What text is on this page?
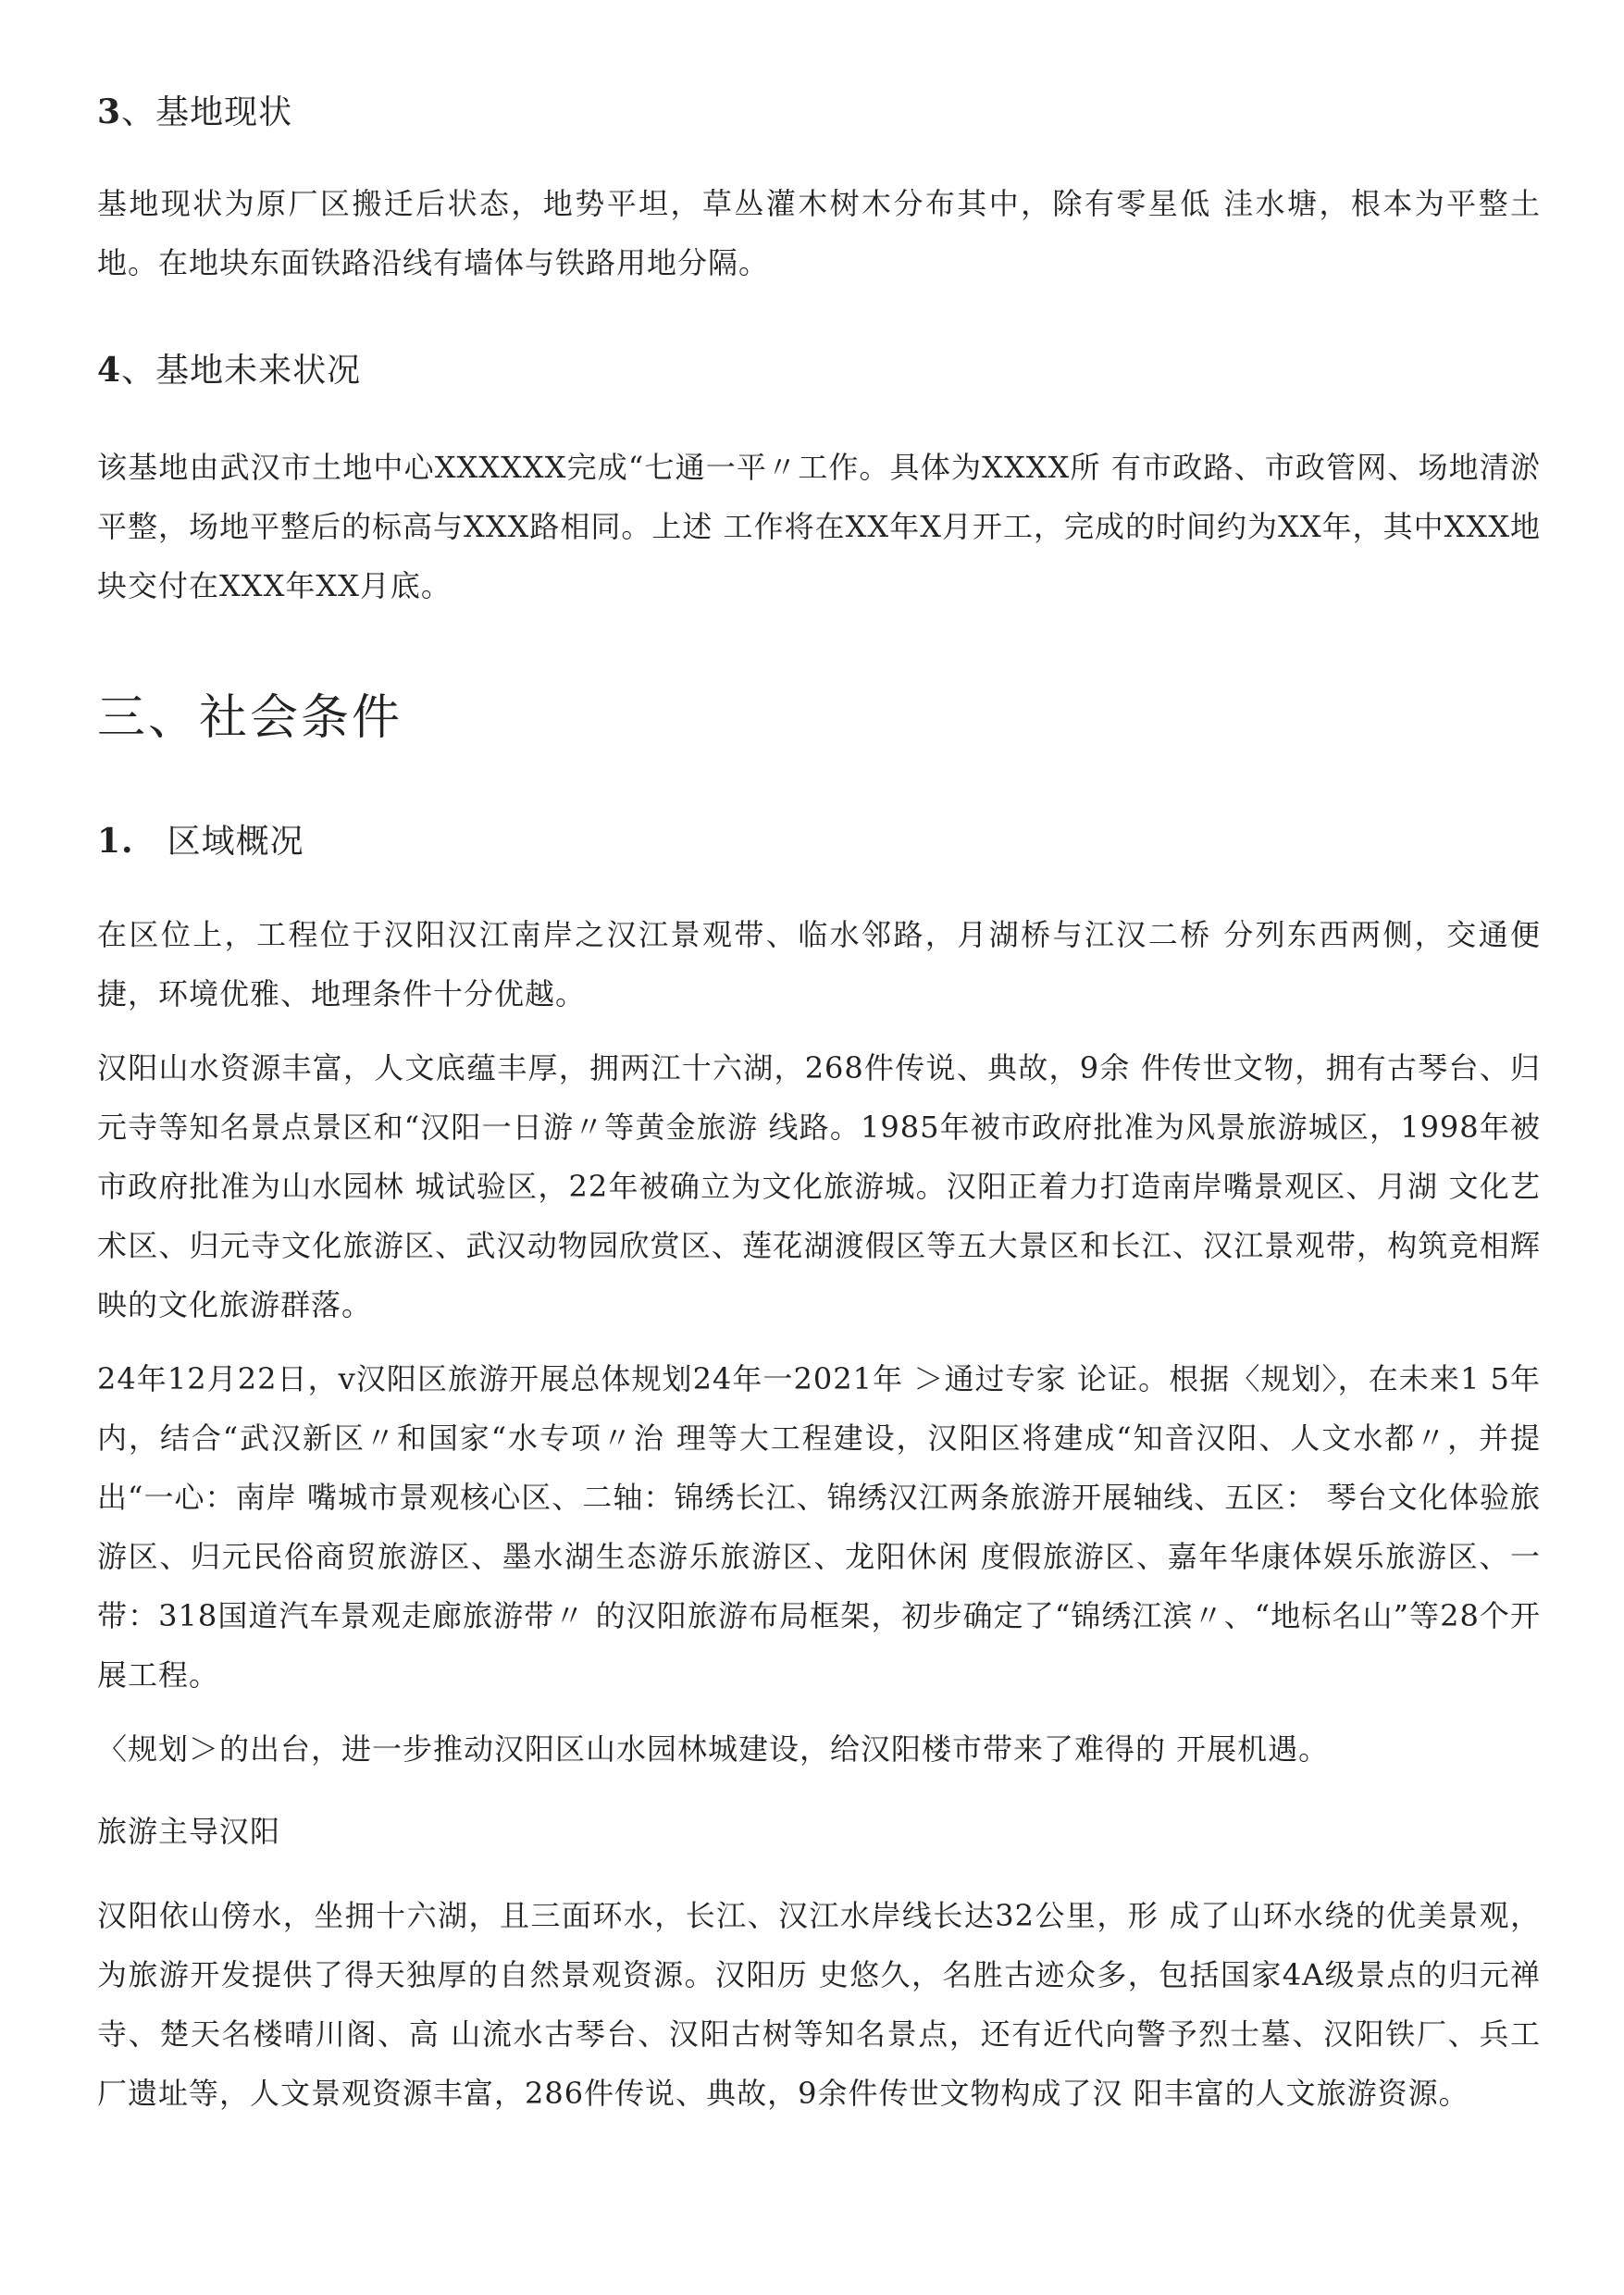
3、基地现状

基地现状为原厂区搬迁后状态，地势平坦，草丛灌木树木分布其中，除有零星低 洼水塘，根本为平整土地。在地块东面铁路沿线有墙体与铁路用地分隔。

4、基地未来状况

该基地由武汉市土地中心XXXXXX完成“七通一平〃工作。具体为XXXX所 有市政路、市政管网、场地清淤平整，场地平整后的标高与XXX路相同。上述 工作将在XX年X月开工，完成的时间约为XX年，其中XXX地块交付在XXX年XX月底。

三、社会条件
1. 区域概况

在区位上，工程位于汉阳汉江南岸之汉江景观带、临水邻路，月湖桥与江汉二桥 分列东西两侧，交通便捷，环境优雅、地理条件十分优越。

汉阳山水资源丰富，人文底蕴丰厚，拥两江十六湖，268件传说、典故，9余 件传世文物，拥有古琴台、归元寺等知名景点景区和“汉阳一日游〃等黄金旅游 线路。1985年被市政府批准为风景旅游城区，1998年被市政府批准为山水园林 城试验区，22年被确立为文化旅游城。汉阳正着力打造南岸嘴景观区、月湖 文化艺术区、归元寺文化旅游区、武汉动物园欣赏区、莲花湖渡假区等五大景区和长江、汉江景观带，构筑竞相辉映的文化旅游群落。

24年12月22日，v汉阳区旅游开展总体规划24年一2021年 ＞通过专家 论证。根据〈规划〉，在未来1 5年内，结合“武汉新区〃和国家“水专项〃治 理等大工程建设，汉阳区将建成“知音汉阳、人文水都〃，并提出“一心：南岸 嘴城市景观核心区、二轴：锦绣长江、锦绣汉江两条旅游开展轴线、五区： 琴台文化体验旅游区、归元民俗商贸旅游区、墨水湖生态游乐旅游区、龙阳休闲 度假旅游区、嘉年华康体娱乐旅游区、一带：318国道汽车景观走廊旅游带〃 的汉阳旅游布局框架，初步确定了“锦绣江滨〃、“地标名山”等28个开展工程。

〈规划＞的出台，进一步推动汉阳区山水园林城建设，给汉阳楼市带来了难得的 开展机遇。

旅游主导汉阳

汉阳依山傍水，坐拥十六湖，且三面环水，长江、汉江水岸线长达32公里，形 成了山环水绕的优美景观，为旅游开发提供了得天独厚的自然景观资源。汉阳历 史悠久，名胜古迹众多，包括国家4A级景点的归元禅寺、楚天名楼晴川阁、高 山流水古琴台、汉阳古树等知名景点，还有近代向警予烈士墓、汉阳铁厂、兵工 厂遗址等，人文景观资源丰富，286件传说、典故，9余件传世文物构成了汉 阳丰富的人文旅游资源。
